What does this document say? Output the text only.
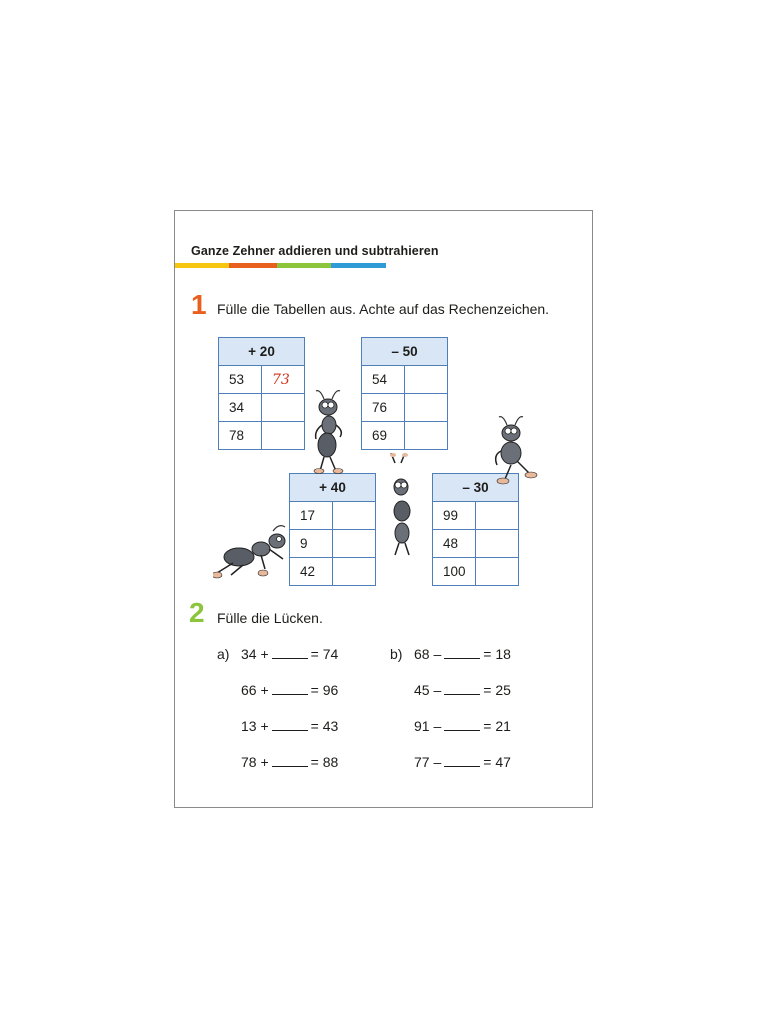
Ganze Zehner addieren und subtrahieren
1 Fülle die Tabellen aus. Achte auf das Rechenzeichen.
+ 20	
53	73
34	
78	
– 50	
54	
76	
69	
+ 40	
17	
9	
42	
– 30	
99	
48	
100	
2 Fülle die Lücken.
a)	b)
34 +	= 74
66 +	= 96
13 +	= 43
78 +	= 88
68 –	= 18
45 –	= 25
91 –	= 21
77 –	= 47
